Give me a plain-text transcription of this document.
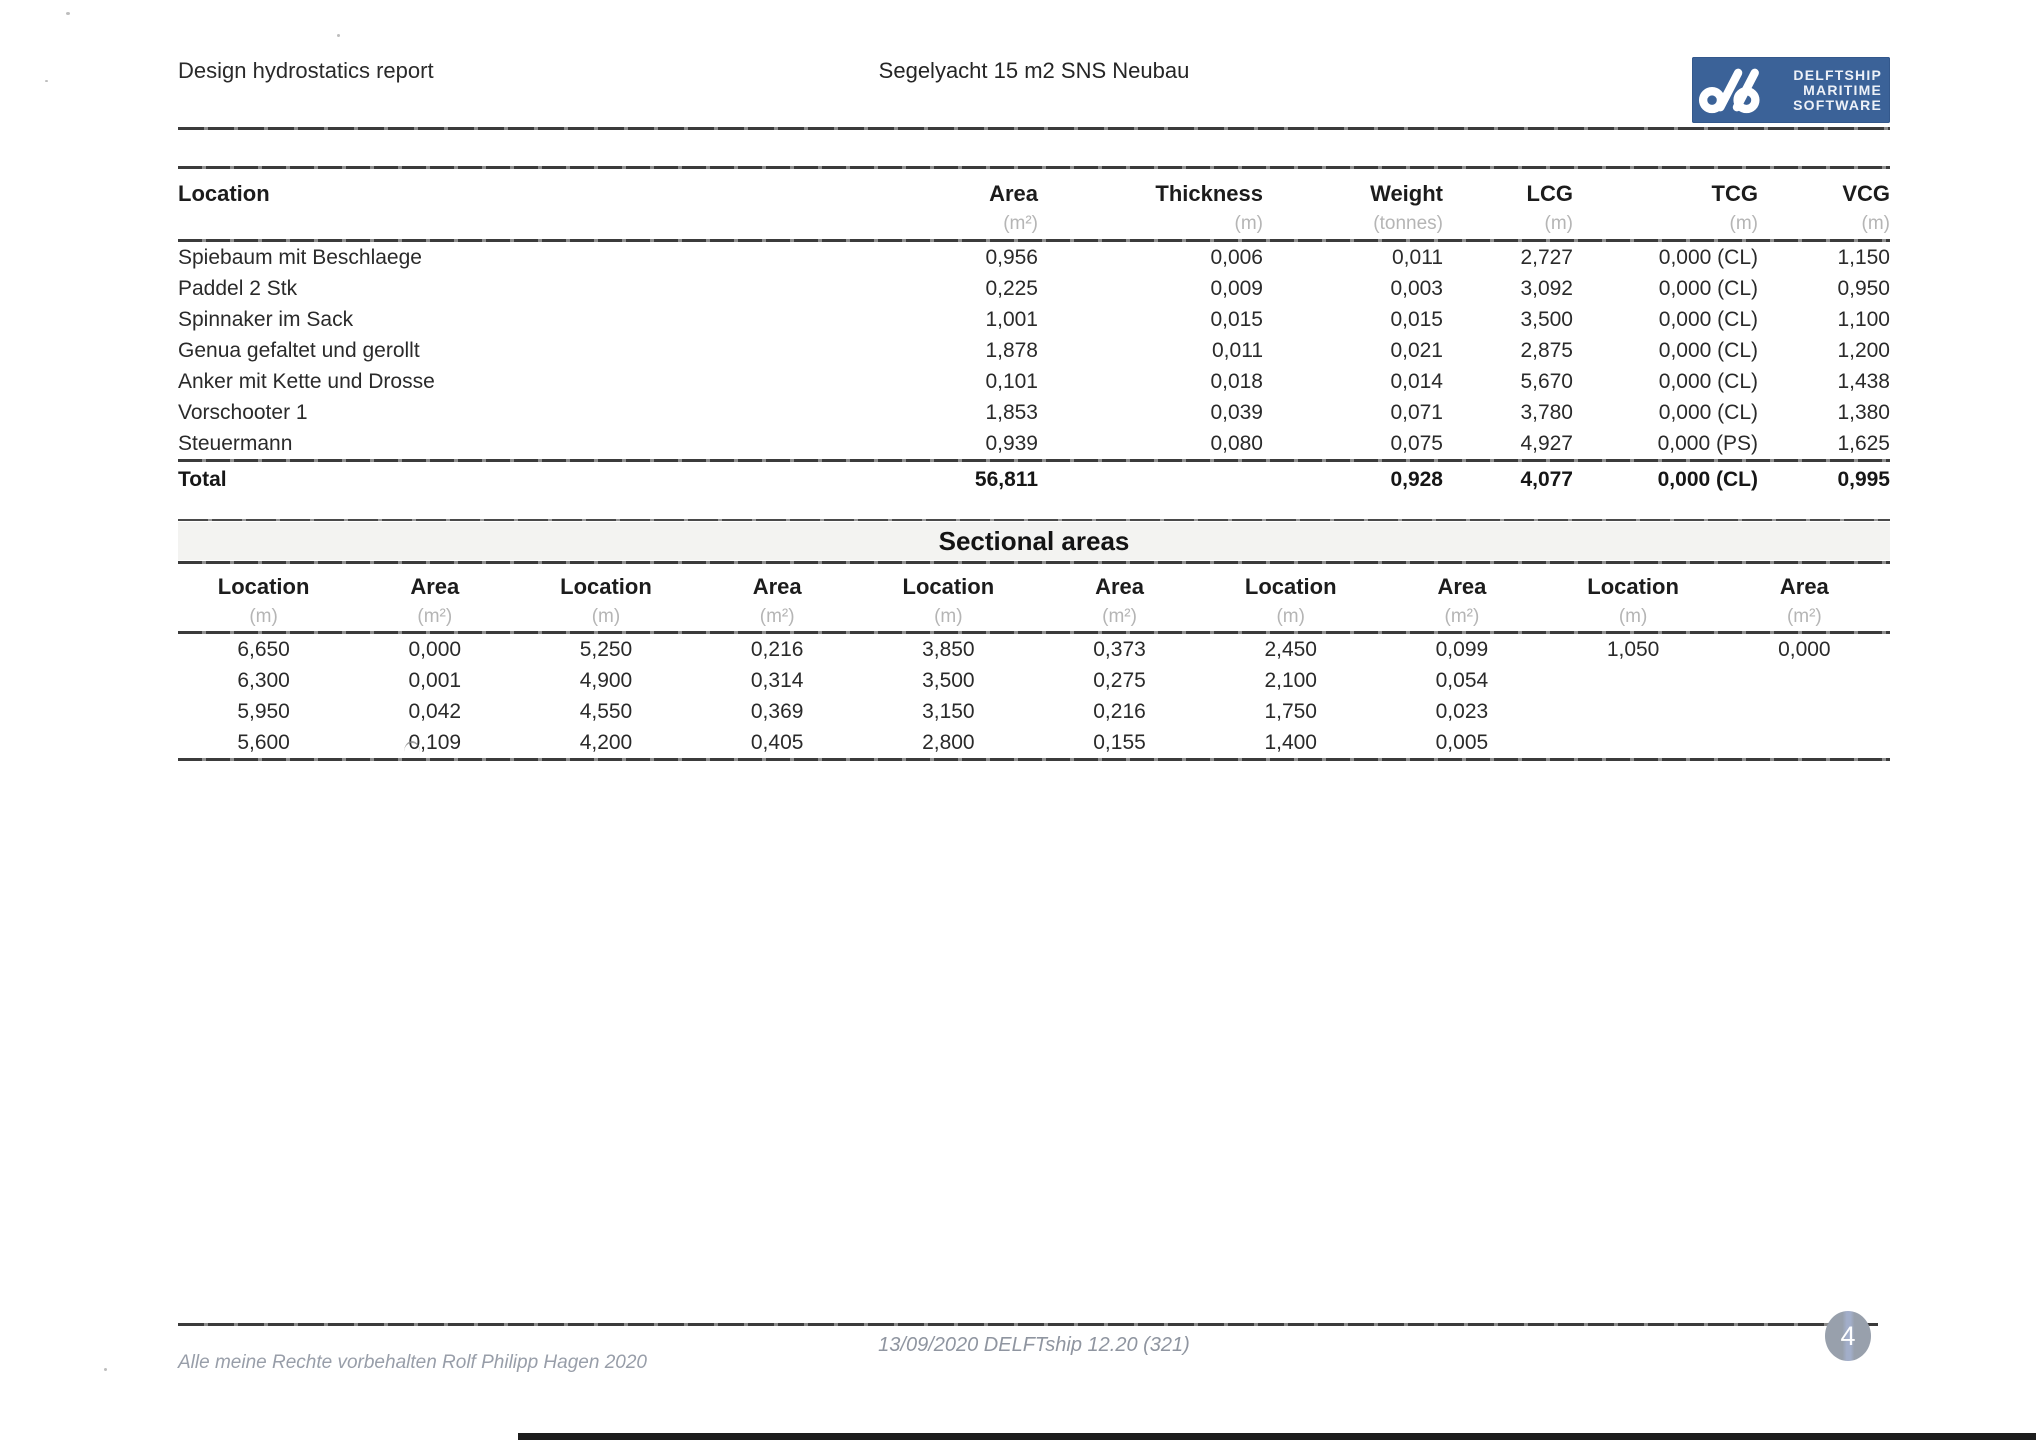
Design hydrostatics report	Segelyacht 15 m2 SNS Neubau	DELFTSHIP
MARITIME
SOFTWARE

Location	Area	Thickness	Weight	LCG	TCG	VCG
	(m²)	(m)	(tonnes)	(m)	(m)	(m)

Spiebaum mit Beschlaege	0,956	0,006	0,011	2,727	0,000 (CL)	1,150
Paddel 2 Stk	0,225	0,009	0,003	3,092	0,000 (CL)	0,950
Spinnaker im Sack	1,001	0,015	0,015	3,500	0,000 (CL)	1,100
Genua gefaltet und gerollt	1,878	0,011	0,021	2,875	0,000 (CL)	1,200
Anker mit Kette und Drosse	0,101	0,018	0,014	5,670	0,000 (CL)	1,438
Vorschooter 1	1,853	0,039	0,071	3,780	0,000 (CL)	1,380
Steuermann	0,939	0,080	0,075	4,927	0,000 (PS)	1,625

Total	56,811		0,928	4,077	0,000 (CL)	0,995
Sectional areas

Location	Area	Location	Area	Location	Area	Location	Area	Location	Area
(m)	(m²)	(m)	(m²)	(m)	(m²)	(m)	(m²)	(m)	(m²)

6,650	0,000	5,250	0,216	3,850	0,373	2,450	0,099	1,050	0,000
6,300	0,001	4,900	0,314	3,500	0,275	2,100	0,054		
5,950	0,042	4,550	0,369	3,150	0,216	1,750	0,023		
5,600	0,109	4,200	0,405	2,800	0,155	1,400	0,005		

Alle meine Rechte vorbehalten Rolf Philipp Hagen 2020
13/09/2020 DELFTship 12.20 (321)	4
